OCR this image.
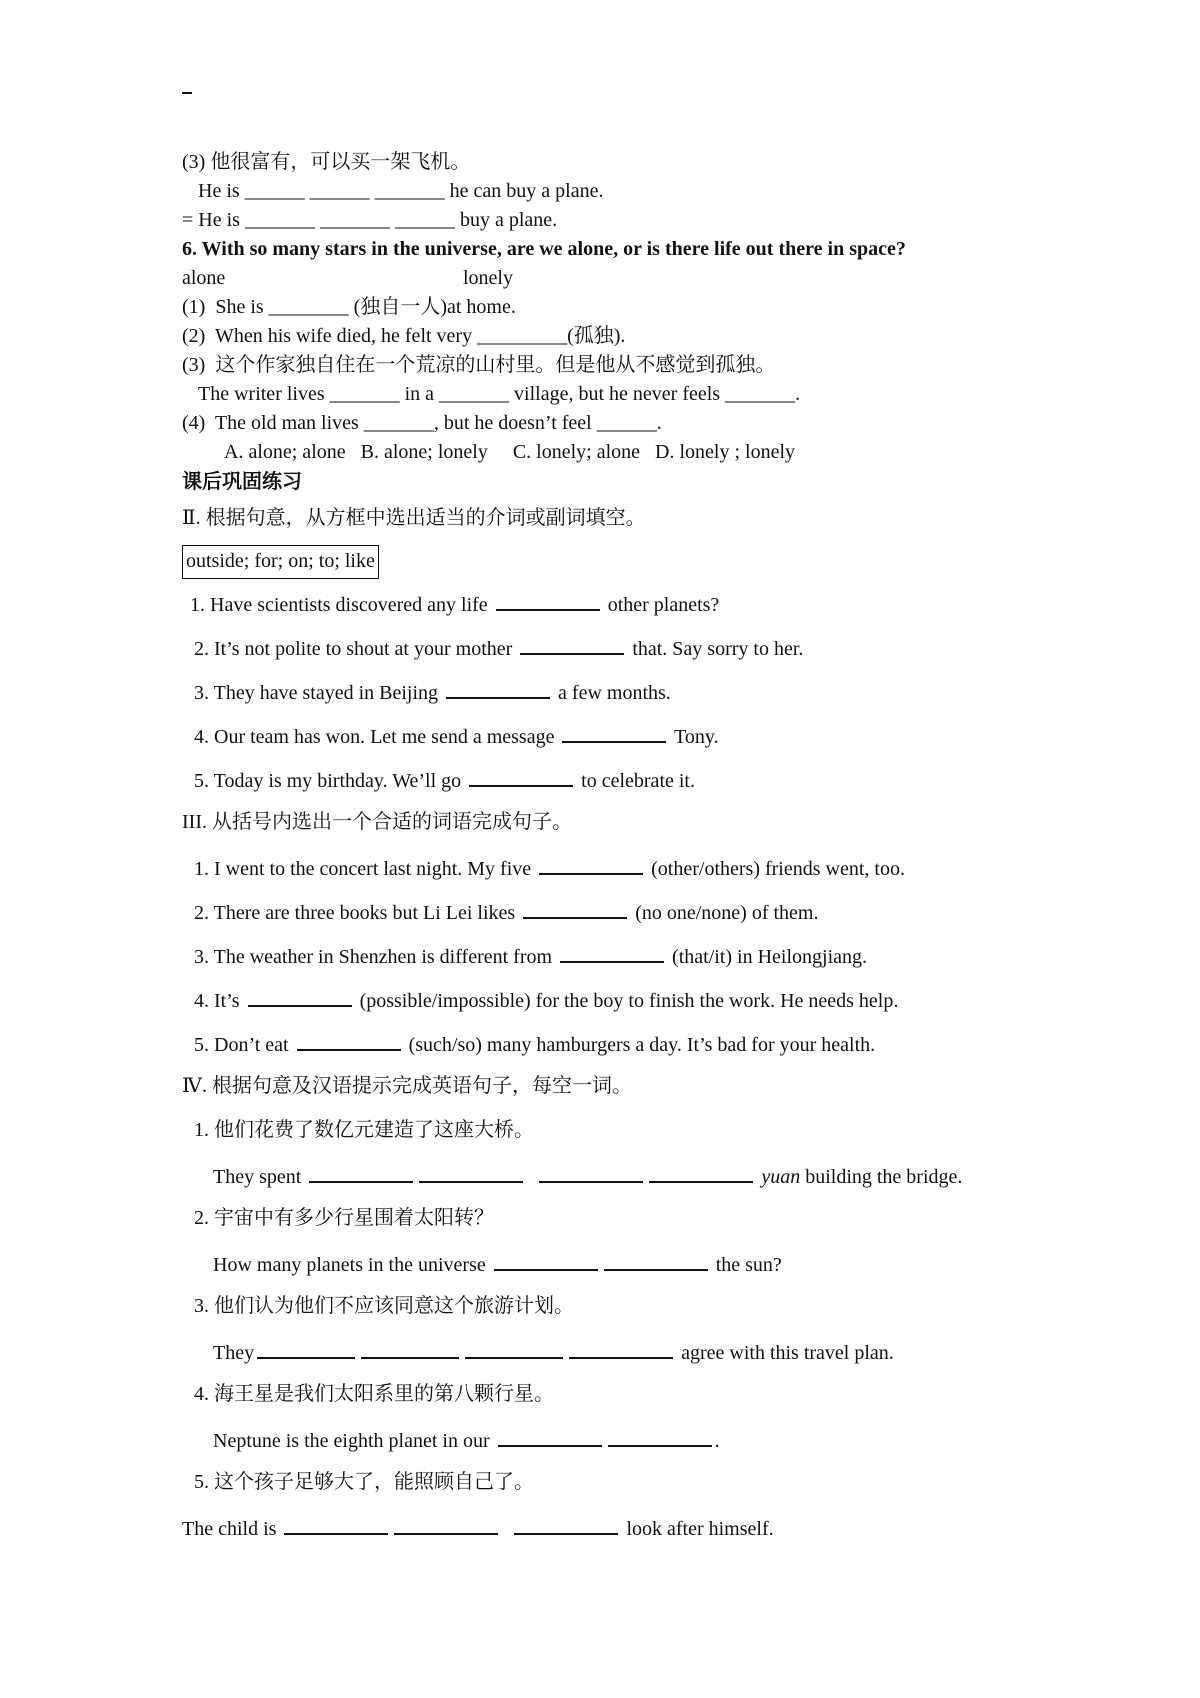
(3) 他很富有，可以买一架飞机。
He is ______ ______ _______ he can buy a plane.
= He is _______ _______ ______ buy a plane.
6. With so many stars in the universe, are we alone, or is there life out there in space?
alone	lonely
(1)  She is ________ (独自一人)at home.
(2)  When his wife died, he felt very _________(孤独).
(3)  这个作家独自住在一个荒凉的山村里。但是他从不感觉到孤独。
The writer lives _______ in a _______ village, but he never feels _______.
(4)  The old man lives _______, but he doesn’t feel ______.
A. alone; alone   B. alone; lonely     C. lonely; alone   D. lonely ; lonely
课后巩固练习
Ⅱ. 根据句意，从方框中选出适当的介词或副词填空。
outside; for; on; to; like
1. Have scientists discovered any life	other planets?
2. It’s not polite to shout at your mother	that. Say sorry to her.
3. They have stayed in Beijing	a few months.
4. Our team has won. Let me send a message	Tony.
5. Today is my birthday. We’ll go	to celebrate it.
III. 从括号内选出一个合适的词语完成句子。
1. I went to the concert last night. My five	(other/others) friends went, too.
2. There are three books but Li Lei likes	(no one/none) of them.
3. The weather in Shenzhen is different from	(that/it) in Heilongjiang.
4. It’s	(possible/impossible) for the boy to finish the work. He needs help.
5. Don’t eat	(such/so) many hamburgers a day. It’s bad for your health.
Ⅳ. 根据句意及汉语提示完成英语句子，每空一词。
1. 他们花费了数亿元建造了这座大桥。
They spent	yuan building the bridge.
2. 宇宙中有多少行星围着太阳转？
How many planets in the universe	the sun?
3. 他们认为他们不应该同意这个旅游计划。
They	agree with this travel plan.
4. 海王星是我们太阳系里的第八颗行星。
Neptune is the eighth planet in our	.
5. 这个孩子足够大了，能照顾自己了。
The child is	look after himself.
